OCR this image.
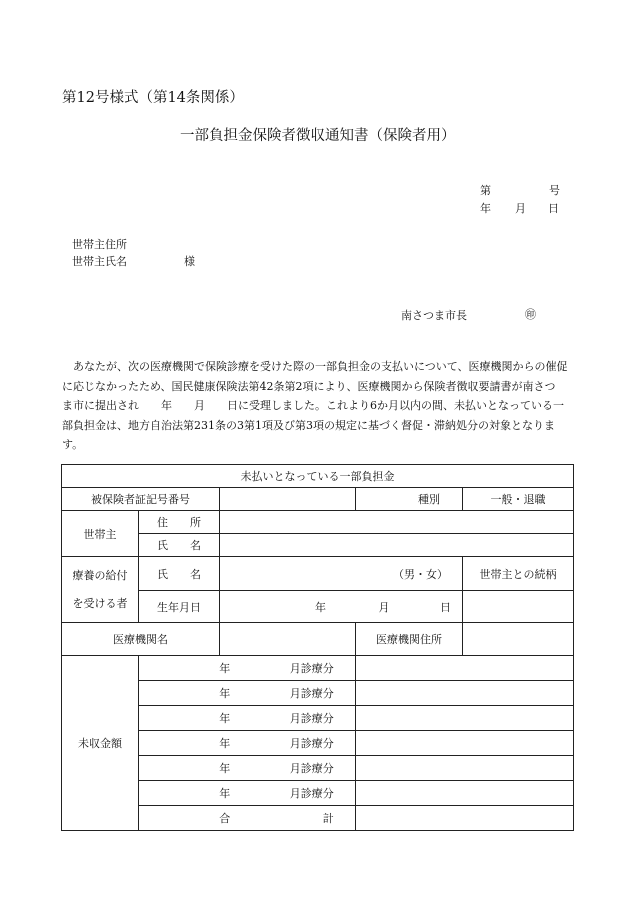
第12号様式（第14条関係）
一部負担金保険者徴収通知書（保険者用）
第	号
年 月 日
世帯主住所
世帯主氏名	様
南さつま市長	㊞
　あなたが、次の医療機関で保険診療を受けた際の一部負担金の支払いについて、医療機関からの催促
に応じなかったため、国民健康保険法第42条第2項により、医療機関から保険者徴収要請書が南さつ
ま市に提出され　　年　　月　　日に受理しました。これより6か月以内の間、未払いとなっている一
部負担金は、地方自治法第231条の3第1項及び第3項の規定に基づく督促・滞納処分の対象となりま
す。
未払いとなっている一部負担金				
被保険者証記号番号			種別	一般・退職
世帯主	住　　所			
	氏　　名			

療養の給付
を受ける者	氏　　名	（男・女）		世帯主との続柄
	生年月日	年 月 日		
医療機関名			医療機関住所	
未収金額	年 月診療分			
	年 月診療分			
	年 月診療分			
	年 月診療分			
	年 月診療分			
	年 月診療分			
	合 計			
